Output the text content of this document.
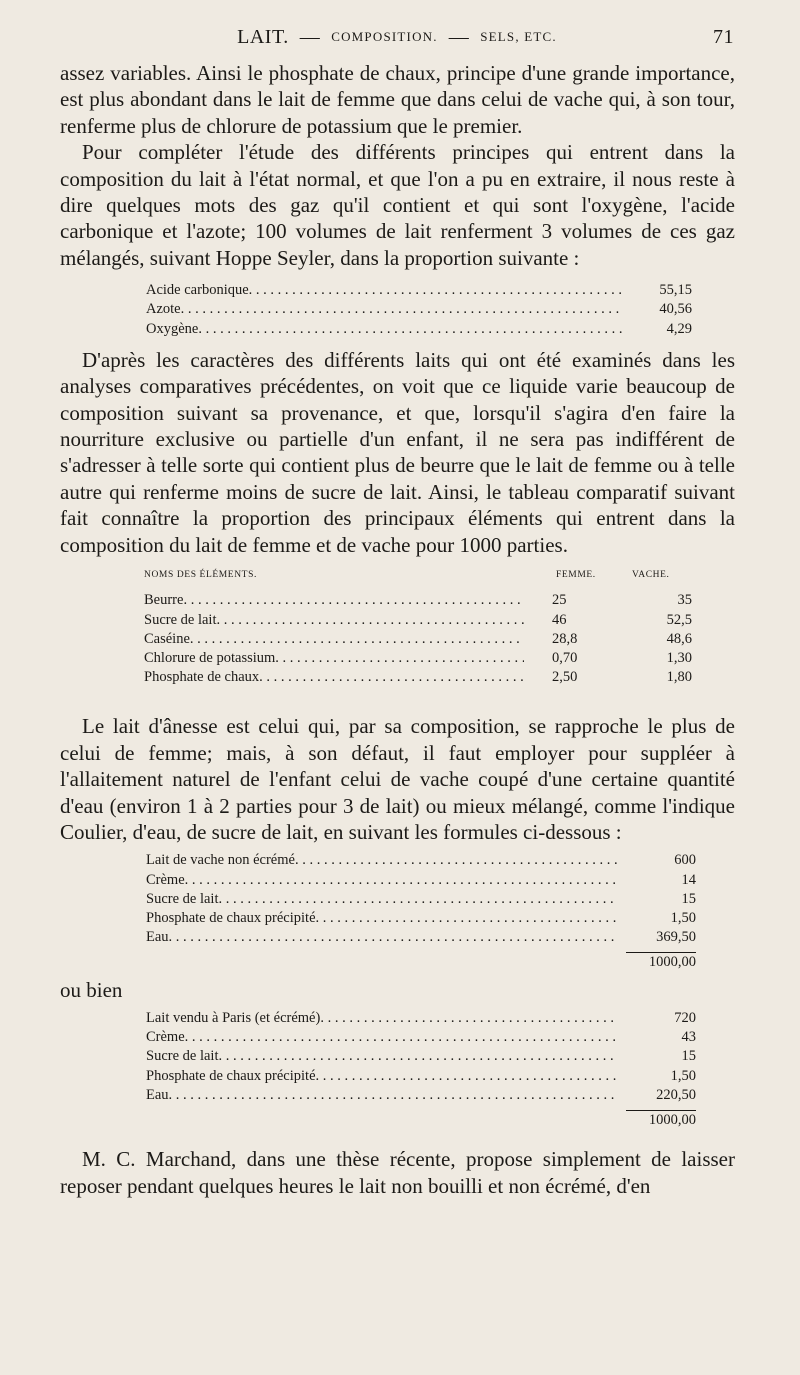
LAIT.
—
COMPOSITION.
—
SELS, ETC.	71

assez variables. Ainsi le phosphate de chaux, principe d'une grande importance, est plus abondant dans le lait de femme que dans celui de vache qui, à son tour, renferme plus de chlorure de potassium que le premier.

Pour compléter l'étude des différents principes qui entrent dans la composition du lait à l'état normal, et que l'on a pu en extraire, il nous reste à dire quelques mots des gaz qu'il contient et qui sont l'oxygène, l'acide carbonique et l'azote; 100 volumes de lait renferment 3 volumes de ces gaz mélangés, suivant Hoppe Seyler, dans la proportion suivante :

Acide carbonique . . .	55,15
Azote . . .	40,56
Oxygène . . .	4,29

D'après les caractères des différents laits qui ont été examinés dans les analyses comparatives précédentes, on voit que ce liquide varie beaucoup de composition suivant sa provenance, et que, lorsqu'il s'agira d'en faire la nourriture exclusive ou partielle d'un enfant, il ne sera pas indifférent de s'adresser à telle sorte qui contient plus de beurre que le lait de femme ou à telle autre qui renferme moins de sucre de lait. Ainsi, le tableau comparatif suivant fait connaître la proportion des principaux éléments qui entrent dans la composition du lait de femme et de vache pour 1000 parties.

NOMS DES ÉLÉMENTS.	FEMME.	VACHE.
Beurre . . .	25	35
Sucre de lait . . .	46	52,5
Caséine . . .	28,8	48,6
Chlorure de potassium . . .	0,70	1,30
Phosphate de chaux . . .	2,50	1,80

Le lait d'ânesse est celui qui, par sa composition, se rapproche le plus de celui de femme; mais, à son défaut, il faut employer pour suppléer à l'allaitement naturel de l'enfant celui de vache coupé d'une certaine quantité d'eau (environ 1 à 2 parties pour 3 de lait) ou mieux mélangé, comme l'indique Coulier, d'eau, de sucre de lait, en suivant les formules ci-dessous :

Lait de vache non écrémé . . .	600
Crème . . .	14
Sucre de lait . . .	15
Phosphate de chaux précipité . . .	1,50
Eau . . .	369,50
1000,00

ou bien

Lait vendu à Paris (et écrémé) . . .	720
Crème . . .	43
Sucre de lait . . .	15
Phosphate de chaux précipité . . .	1,50
Eau . . .	220,50
1000,00

M. C. Marchand, dans une thèse récente, propose simplement de laisser reposer pendant quelques heures le lait non bouilli et non écrémé, d'en
